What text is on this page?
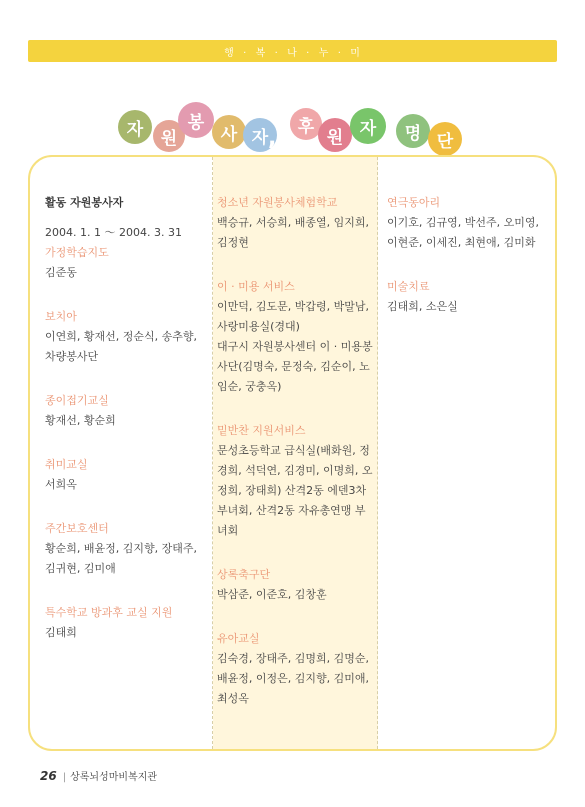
행  ·  복  ·  나  ·  누  ·  미
자	원
봉
사 자 ,	후
원 자	명 단
활동 자원봉사자
2004. 1. 1 ～ 2004. 3. 31
가정학습지도
김준동
보치아
이연희, 황재선, 정순식, 송추향, 차량봉사단
종이접기교실
황재선, 황순희
취미교실
서희옥
주간보호센터
황순희, 배윤정, 김지향, 장태주, 김귀현, 김미애
특수학교 방과후 교실 지원
김태희
청소년 자원봉사체험학교
백승규, 서승희, 배종열, 임지희, 김정현
이 · 미용 서비스
이만덕, 김도문, 박갑령, 박말남, 사랑미용실(경대)
대구시 자원봉사센터 이 · 미용봉사단(김명숙, 문정숙, 김순이, 노임순, 궁충옥)
밑반찬 지원서비스
문성초등학교 급식실(배화원, 정경희, 석덕연, 김경미, 이명희, 오정희, 장태희) 산격2동 에덴3차 부녀회, 산격2동 자유총연맹 부녀회
상록축구단
박삼준, 이준호, 김창훈
유아교실
김숙경, 장태주, 김명희, 김명순, 배윤정, 이정은, 김지향, 김미애, 최성옥
연극동아리
이기호, 김규영, 박선주, 오미영, 이현준, 이세진, 최현애, 김미화
미술치료
김태희, 소은실
26 | 상록뇌성마비복지관
